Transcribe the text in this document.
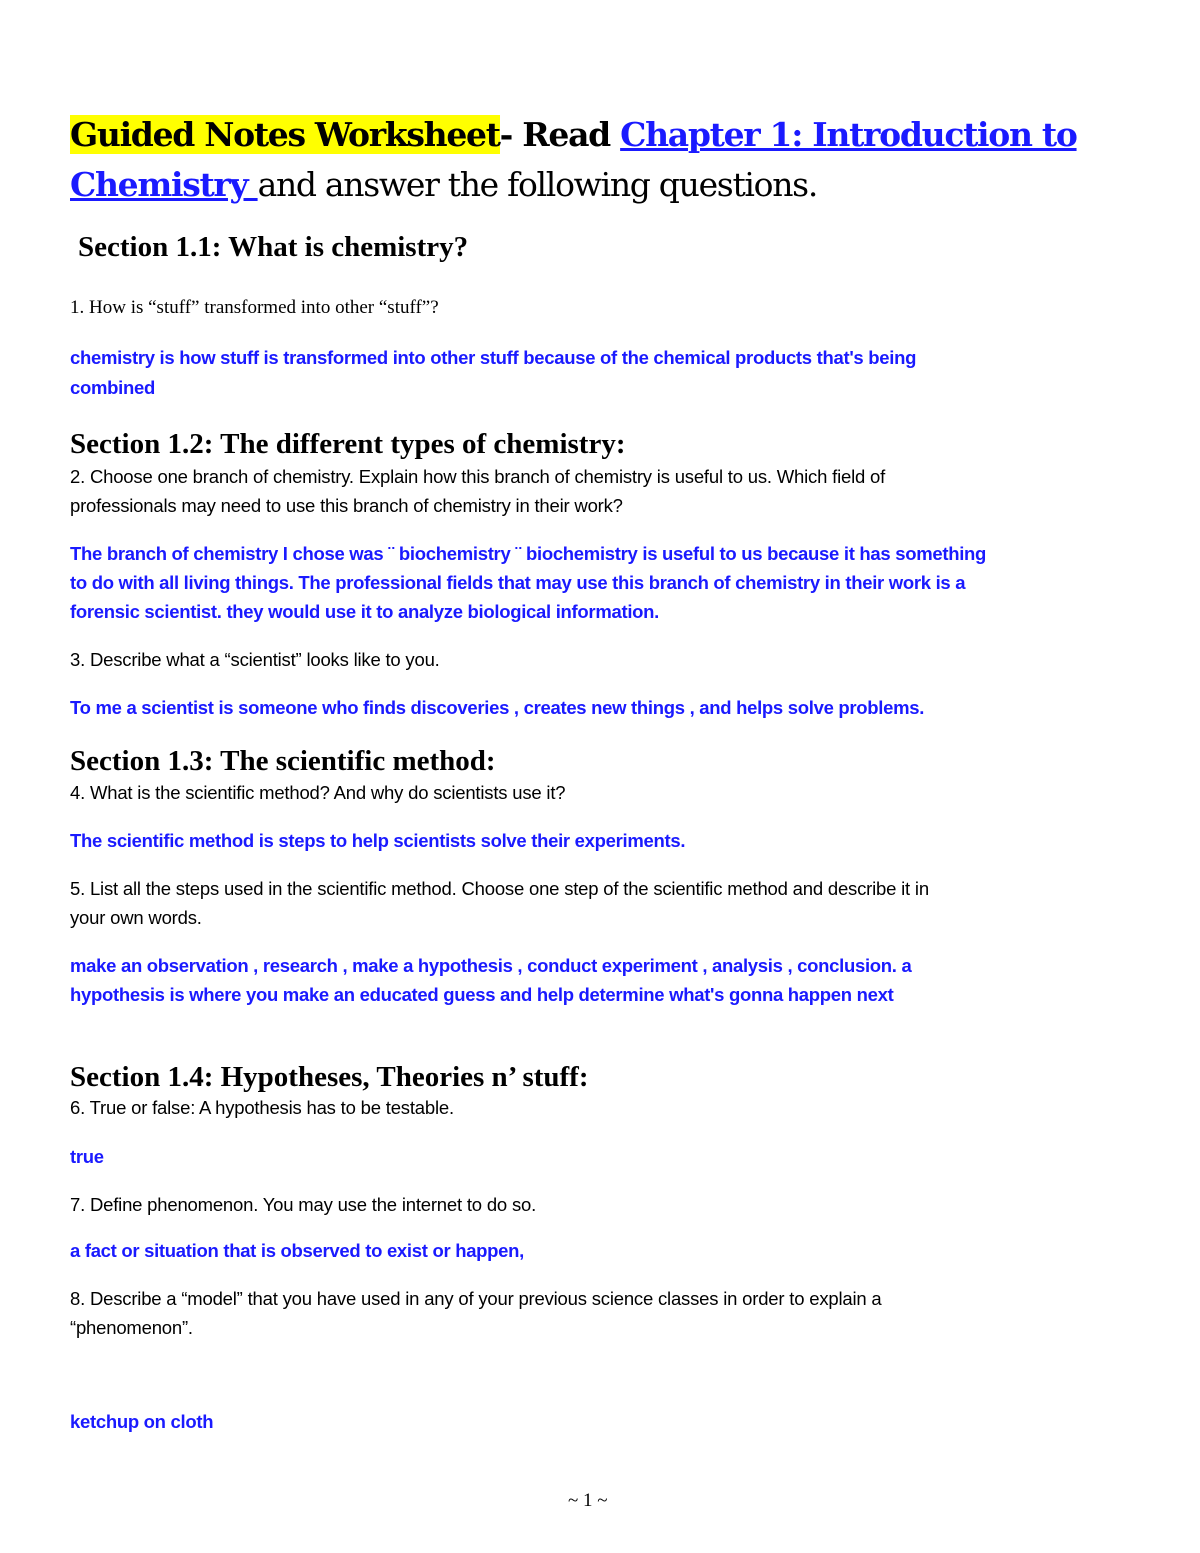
Guided Notes Worksheet- Read Chapter 1: Introduction to
Chemistry and answer the following questions.
Section 1.1: What is chemistry?
1. How is “stuff” transformed into other “stuff”?
chemistry is how stuff is transformed into other stuff because of the chemical products that's being
combined
Section 1.2: The different types of chemistry:
2. Choose one branch of chemistry. Explain how this branch of chemistry is useful to us. Which field of
professionals may need to use this branch of chemistry in their work?
The branch of chemistry I chose was ¨ biochemistry ¨ biochemistry is useful to us because it has something
to do with all living things. The professional fields that may use this branch of chemistry in their work is a
forensic scientist. they would use it to analyze biological information.
3. Describe what a “scientist” looks like to you.
To me a scientist is someone who finds discoveries , creates new things , and helps solve problems.
Section 1.3: The scientific method:
4. What is the scientific method? And why do scientists use it?
The scientific method is steps to help scientists solve their experiments.
5. List all the steps used in the scientific method. Choose one step of the scientific method and describe it in
your own words.
make an observation , research , make a hypothesis , conduct experiment , analysis , conclusion. a
hypothesis is where you make an educated guess and help determine what's gonna happen next
Section 1.4: Hypotheses, Theories n’ stuff:
6. True or false: A hypothesis has to be testable.
true
7. Define phenomenon. You may use the internet to do so.
a fact or situation that is observed to exist or happen,
8. Describe a “model” that you have used in any of your previous science classes in order to explain a
“phenomenon”.
ketchup on cloth
~ 1 ~
